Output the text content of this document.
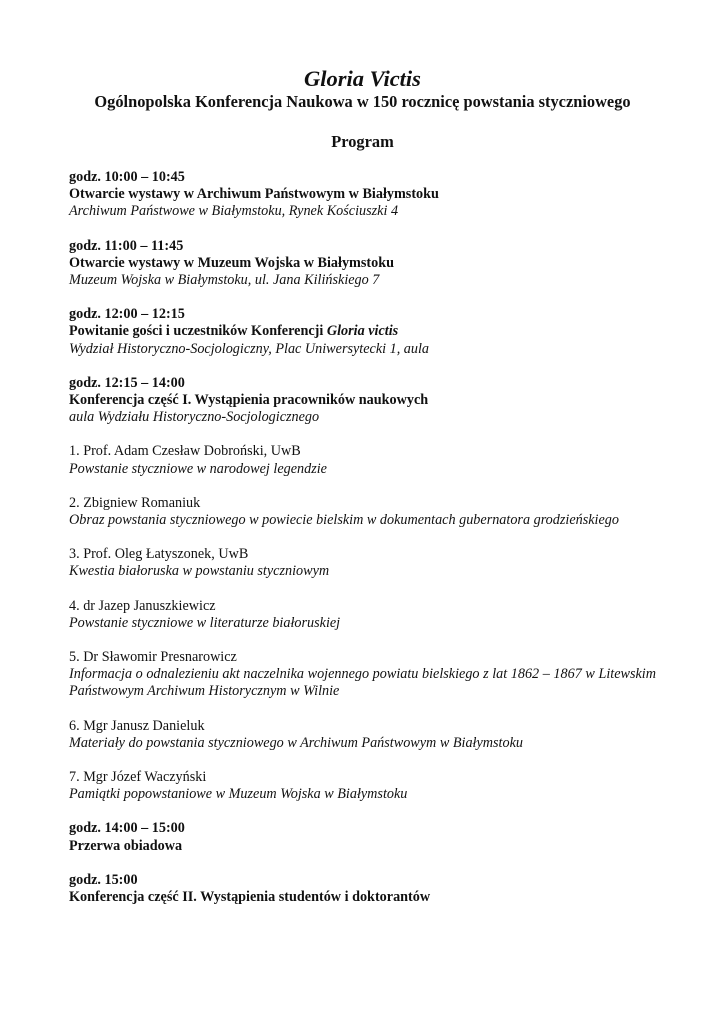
Gloria Victis
Ogólnopolska Konferencja Naukowa w 150 rocznicę powstania styczniowego
Program
godz. 10:00 – 10:45
Otwarcie wystawy w Archiwum Państwowym w Białymstoku
Archiwum Państwowe w Białymstoku, Rynek Kościuszki 4
godz. 11:00 – 11:45
Otwarcie wystawy w Muzeum Wojska w Białymstoku
Muzeum Wojska w Białymstoku, ul. Jana Kilińskiego 7
godz. 12:00 – 12:15
Powitanie gości i uczestników Konferencji Gloria victis
Wydział Historyczno-Socjologiczny, Plac Uniwersytecki 1, aula
godz. 12:15 – 14:00
Konferencja część I. Wystąpienia pracowników naukowych
aula Wydziału Historyczno-Socjologicznego
1. Prof. Adam Czesław Dobroński, UwB
Powstanie styczniowe w narodowej legendzie
2. Zbigniew Romaniuk
Obraz powstania styczniowego w powiecie bielskim w dokumentach gubernatora grodzieńskiego
3. Prof. Oleg Łatyszonek, UwB
Kwestia białoruska w powstaniu styczniowym
4. dr Jazep Januszkiewicz
Powstanie styczniowe w literaturze białoruskiej
5. Dr Sławomir Presnarowicz
Informacja o odnalezieniu akt naczelnika wojennego powiatu bielskiego z lat 1862 – 1867 w Litewskim Państwowym Archiwum Historycznym w Wilnie
6. Mgr Janusz Danieluk
Materiały do powstania styczniowego w Archiwum Państwowym w Białymstoku
7. Mgr Józef Waczyński
Pamiątki popowstaniowe w Muzeum Wojska w Białymstoku
godz. 14:00 – 15:00
Przerwa obiadowa
godz. 15:00
Konferencja część II. Wystąpienia studentów i doktorantów
